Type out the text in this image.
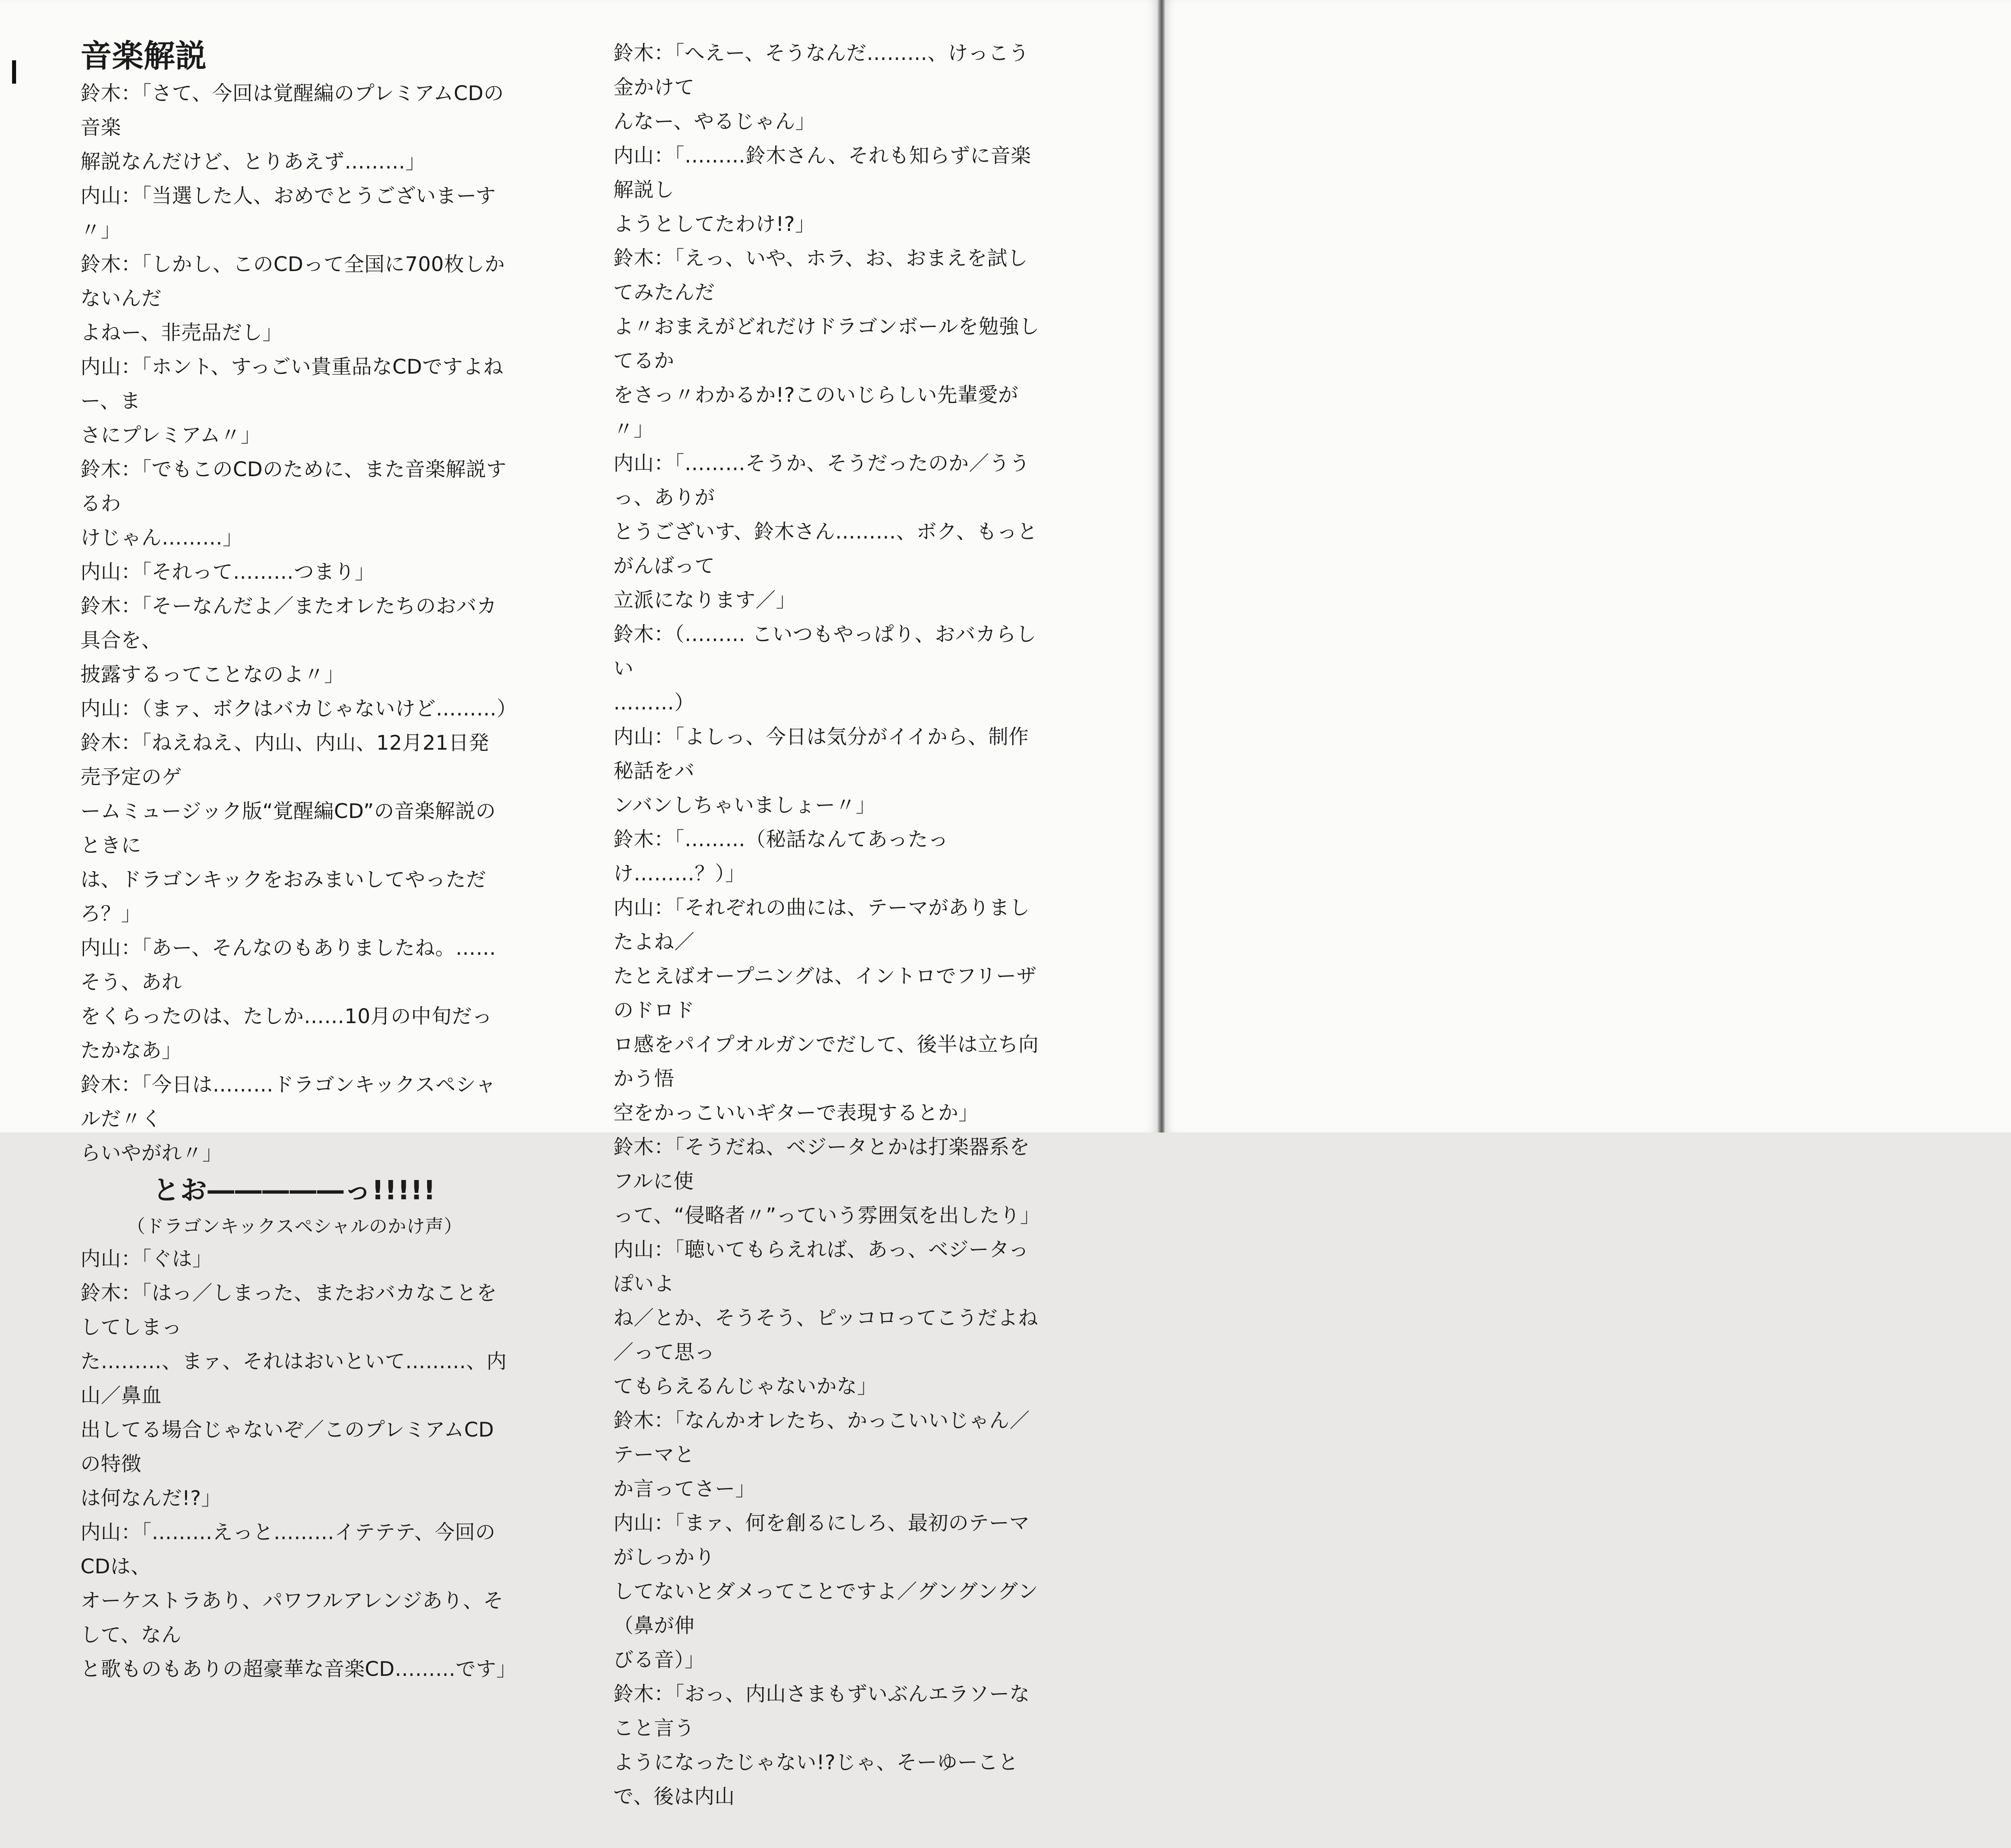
音楽解説

鈴木：「さて、今回は覚醒編のプレミアムCDの音楽

解説なんだけど、とりあえず………」

内山：「当選した人、おめでとうございまーす〃」

鈴木：「しかし、このCDって全国に700枚しかないんだ

よねー、非売品だし」

内山：「ホント、すっごい貴重品なCDですよねー、ま

さにプレミアム〃」

鈴木：「でもこのCDのために、また音楽解説するわ

けじゃん………」

内山：「それって………つまり」

鈴木：「そーなんだよ／またオレたちのおバカ具合を、

披露するってことなのよ〃」

内山：（まァ、ボクはバカじゃないけど………）

鈴木：「ねえねえ、内山、内山、12月21日発売予定のゲ

ームミュージック版“覚醒編CD”の音楽解説のときに

は、ドラゴンキックをおみまいしてやっただろ？」

内山：「あー、そんなのもありましたね。……そう、あれ

をくらったのは、たしか……10月の中旬だったかなあ」

鈴木：「今日は………ドラゴンキックスペシャルだ〃く

らいやがれ〃」

とお―――――っ!!!!!

（ドラゴンキックスペシャルのかけ声）

内山：「ぐは」

鈴木：「はっ／しまった、またおバカなことをしてしまっ

た………、まァ、それはおいといて………、内山／鼻血

出してる場合じゃないぞ／このプレミアムCDの特徴

は何なんだ!?」

内山：「………えっと………イテテテ、今回のCDは、

オーケストラあり、パワフルアレンジあり、そして、なん

と歌ものもありの超豪華な音楽CD………です」

鈴木：「へえー、そうなんだ………、けっこう金かけて

んなー、やるじゃん」

内山：「………鈴木さん、それも知らずに音楽解説し

ようとしてたわけ!?」

鈴木：「えっ、いや、ホラ、お、おまえを試してみたんだ

よ〃おまえがどれだけドラゴンボールを勉強してるか

をさっ〃わかるか!?このいじらしい先輩愛が〃」

内山：「………そうか、そうだったのか／ううっ、ありが

とうございす、鈴木さん………、ボク、もっとがんばって

立派になります／」

鈴木：（……… こいつもやっぱり、おバカらしい

………）

内山：「よしっ、今日は気分がイイから、制作秘話をバ

ンバンしちゃいましょー〃」

鈴木：「………（秘話なんてあったっけ………？）」

内山：「それぞれの曲には、テーマがありましたよね／

たとえばオープニングは、イントロでフリーザのドロド

ロ感をパイプオルガンでだして、後半は立ち向かう悟

空をかっこいいギターで表現するとか」

鈴木：「そうだね、ベジータとかは打楽器系をフルに使

って、“侵略者〃”っていう雰囲気を出したり」

内山：「聴いてもらえれば、あっ、ベジータっぽいよ

ね／とか、そうそう、ピッコロってこうだよね／って思っ

てもらえるんじゃないかな」

鈴木：「なんかオレたち、かっこいいじゃん／テーマと

か言ってさー」

内山：「まァ、何を創るにしろ、最初のテーマがしっかり

してないとダメってことですよ／グングングン（鼻が伸

びる音）」

鈴木：「おっ、内山さまもずいぶんエラソーなこと言う

ようになったじゃない!?じゃ、そーゆーことで、後は内山
